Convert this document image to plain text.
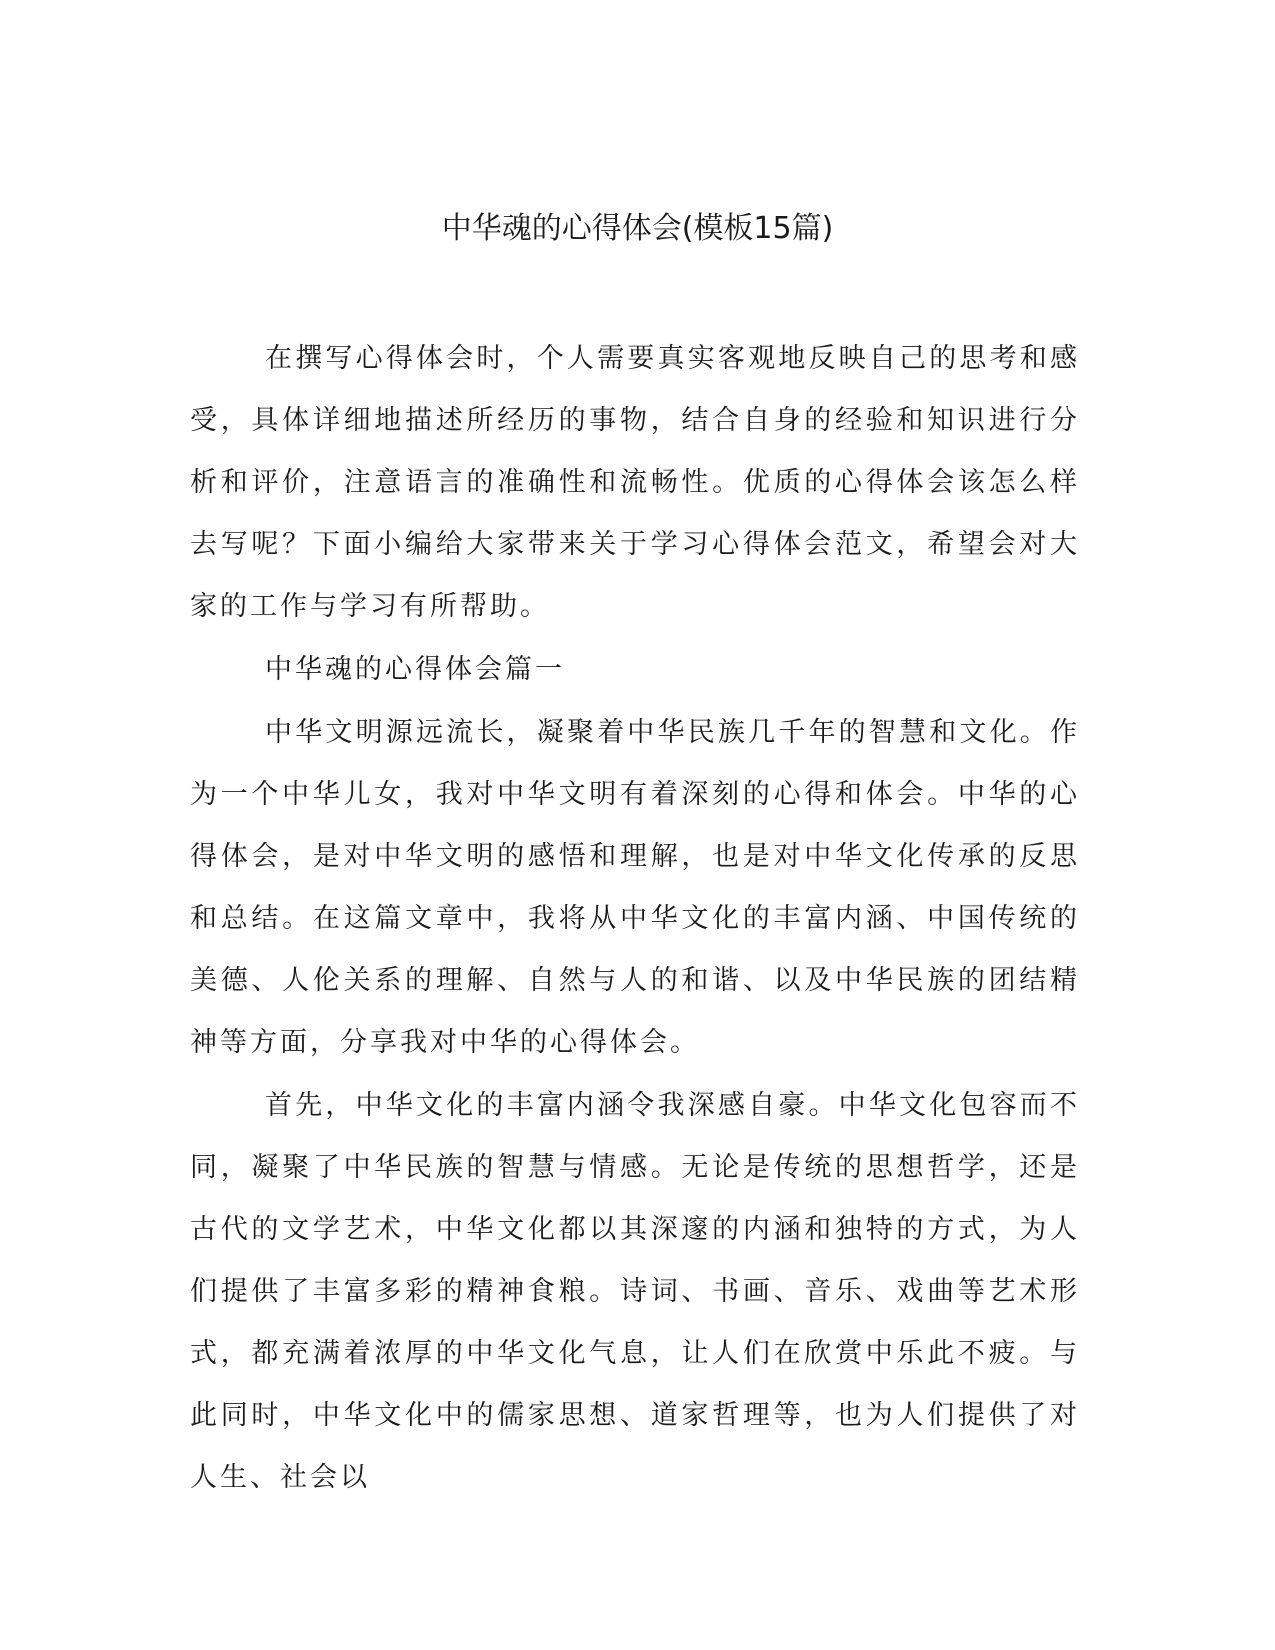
中华魂的心得体会(模板15篇)

在撰写心得体会时，个人需要真实客观地反映自己的思考和感受，具体详细地描述所经历的事物，结合自身的经验和知识进行分析和评价，注意语言的准确性和流畅性。优质的心得体会该怎么样去写呢？下面小编给大家带来关于学习心得体会范文，希望会对大家的工作与学习有所帮助。

中华魂的心得体会篇一

中华文明源远流长，凝聚着中华民族几千年的智慧和文化。作为一个中华儿女，我对中华文明有着深刻的心得和体会。中华的心得体会，是对中华文明的感悟和理解，也是对中华文化传承的反思和总结。在这篇文章中，我将从中华文化的丰富内涵、中国传统的美德、人伦关系的理解、自然与人的和谐、以及中华民族的团结精神等方面，分享我对中华的心得体会。

首先，中华文化的丰富内涵令我深感自豪。中华文化包容而不同，凝聚了中华民族的智慧与情感。无论是传统的思想哲学，还是古代的文学艺术，中华文化都以其深邃的内涵和独特的方式，为人们提供了丰富多彩的精神食粮。诗词、书画、音乐、戏曲等艺术形式，都充满着浓厚的中华文化气息，让人们在欣赏中乐此不疲。与此同时，中华文化中的儒家思想、道家哲理等，也为人们提供了对人生、社会以
